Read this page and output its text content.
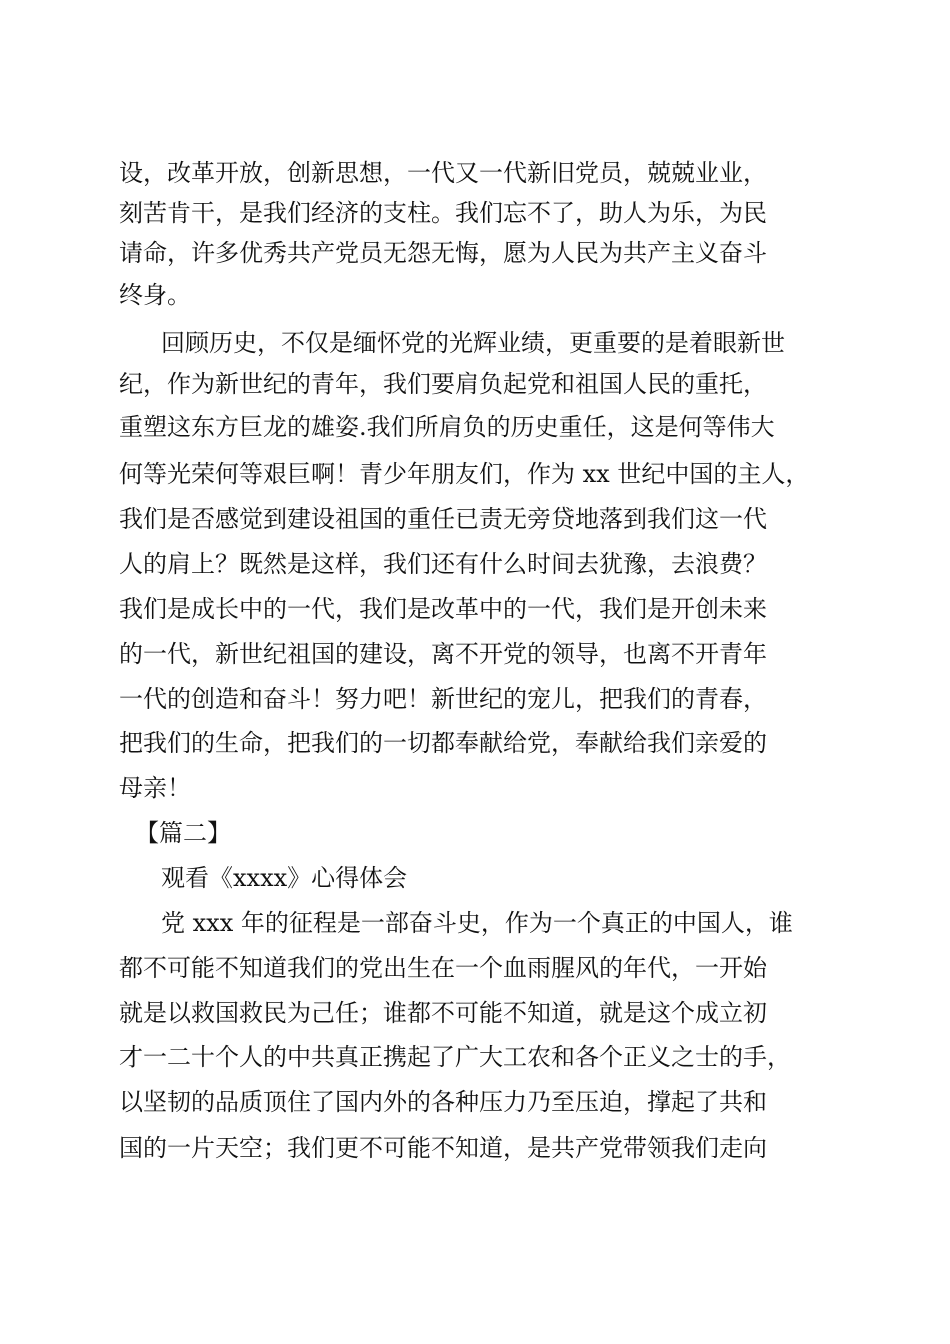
设，改革开放，创新思想，一代又一代新旧党员，兢兢业业，
刻苦肯干，是我们经济的支柱。我们忘不了，助人为乐，为民
请命，许多优秀共产党员无怨无悔，愿为人民为共产主义奋斗
终身。
回顾历史，不仅是缅怀党的光辉业绩，更重要的是着眼新世
纪，作为新世纪的青年，我们要肩负起党和祖国人民的重托，
重塑这东方巨龙的雄姿.我们所肩负的历史重任，这是何等伟大
何等光荣何等艰巨啊！青少年朋友们，作为 xx 世纪中国的主人，
我们是否感觉到建设祖国的重任已责无旁贷地落到我们这一代
人的肩上？既然是这样，我们还有什么时间去犹豫，去浪费？
我们是成长中的一代，我们是改革中的一代，我们是开创未来
的一代，新世纪祖国的建设，离不开党的领导，也离不开青年
一代的创造和奋斗！努力吧！新世纪的宠儿，把我们的青春，
把我们的生命，把我们的一切都奉献给党，奉献给我们亲爱的
母亲！
【篇二】
观看《xxxx》心得体会
党 xxx 年的征程是一部奋斗史，作为一个真正的中国人，谁
都不可能不知道我们的党出生在一个血雨腥风的年代，一开始
就是以救国救民为己任；谁都不可能不知道，就是这个成立初
才一二十个人的中共真正携起了广大工农和各个正义之士的手，
以坚韧的品质顶住了国内外的各种压力乃至压迫，撑起了共和
国的一片天空；我们更不可能不知道，是共产党带领我们走向
